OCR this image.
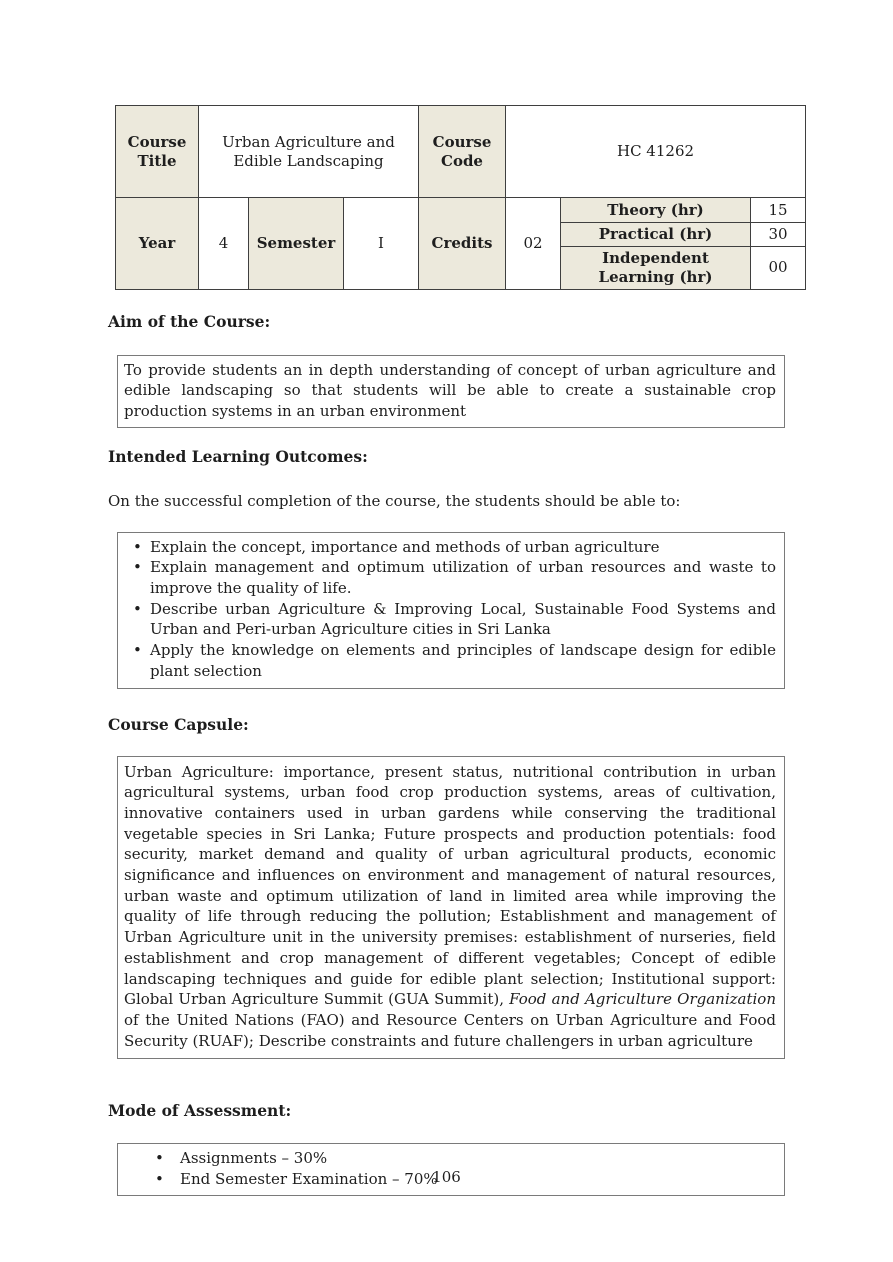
Course Title	Urban Agriculture and Edible Landscaping			Course Code	HC 41262		
Year	4	Semester	I	Credits	02	Theory (hr)	15
						Practical (hr)	30
						Independent Learning (hr)	00
Aim of the Course:
To provide students an in depth understanding of concept of urban agriculture and edible landscaping so that students will be able to create a sustainable crop production systems in an urban environment
Intended Learning Outcomes:
On the successful completion of the course, the students should be able to:
• Explain the concept, importance and methods of urban agriculture
• Explain management and optimum utilization of urban resources and waste to improve the quality of life.
• Describe urban Agriculture & Improving Local, Sustainable Food Systems and Urban and Peri-urban Agriculture cities in Sri Lanka
• Apply the knowledge on elements and principles of landscape design for edible plant selection
Course Capsule:
Urban Agriculture: importance, present status, nutritional contribution in urban agricultural systems, urban food crop production systems, areas of cultivation, innovative containers used in urban gardens while conserving the traditional vegetable species in Sri Lanka; Future prospects and production potentials: food security, market demand and quality of urban agricultural products, economic significance and influences on environment and management of natural resources, urban waste and optimum utilization of land in limited area while improving the quality of life through reducing the pollution; Establishment and management of Urban Agriculture unit in the university premises: establishment of nurseries, field establishment and crop management of different vegetables; Concept of edible landscaping techniques and guide for edible plant selection; Institutional support: Global Urban Agriculture Summit (GUA Summit), Food and Agriculture Organization of the United Nations (FAO) and Resource Centers on Urban Agriculture and Food Security (RUAF); Describe constraints and future challengers in urban agriculture
Mode of Assessment:
• Assignments – 30%
• End Semester Examination – 70%
106
